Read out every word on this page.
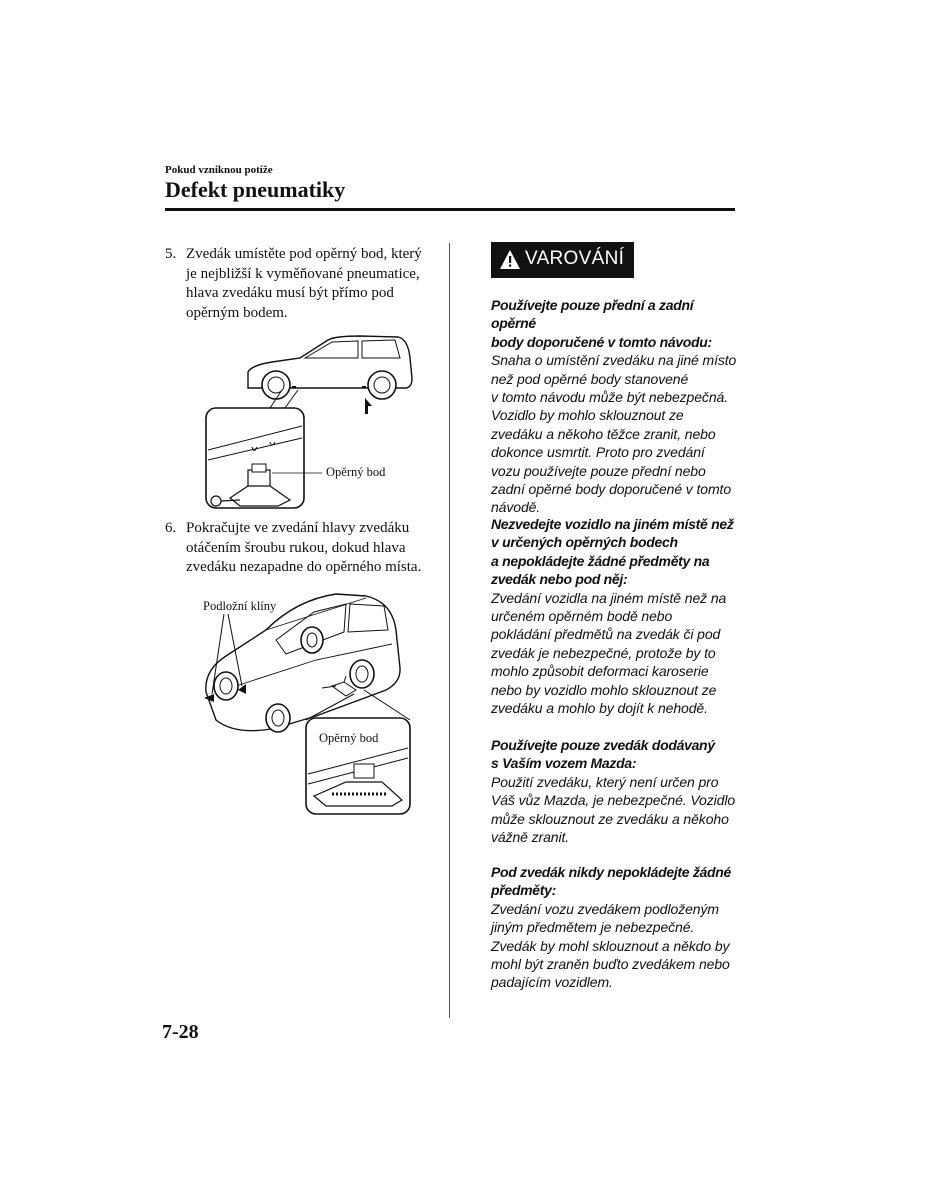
Pokud vzniknou potíže
Defekt pneumatiky
5. Zvedák umístěte pod opěrný bod, který
je nejbližší k vyměňované pneumatice,
hlava zvedáku musí být přímo pod
opěrným bodem.
Opěrný bod
6. Pokračujte ve zvedání hlavy zvedáku
otáčením šroubu rukou, dokud hlava
zvedáku nezapadne do opěrného místa.
Podložní klíny
Opěrný bod
VAROVÁNÍ
Používejte pouze přední a zadní opěrné
body doporučené v tomto návodu:
Snaha o umístění zvedáku na jiné místo
než pod opěrné body stanovené
v tomto návodu může být nebezpečná.
Vozidlo by mohlo sklouznout ze
zvedáku a někoho těžce zranit, nebo
dokonce usmrtit. Proto pro zvedání
vozu používejte pouze přední nebo
zadní opěrné body doporučené v tomto
návodě.
Nezvedejte vozidlo na jiném místě než
v určených opěrných bodech
a nepokládejte žádné předměty na
zvedák nebo pod něj:
Zvedání vozidla na jiném místě než na
určeném opěrném bodě nebo
pokládání předmětů na zvedák či pod
zvedák je nebezpečné, protože by to
mohlo způsobit deformaci karoserie
nebo by vozidlo mohlo sklouznout ze
zvedáku a mohlo by dojít k nehodě.
Používejte pouze zvedák dodávaný
s Vaším vozem Mazda:
Použití zvedáku, který není určen pro
Váš vůz Mazda, je nebezpečné. Vozidlo
může sklouznout ze zvedáku a někoho
vážně zranit.
Pod zvedák nikdy nepokládejte žádné
předměty:
Zvedání vozu zvedákem podloženým
jiným předmětem je nebezpečné.
Zvedák by mohl sklouznout a někdo by
mohl být zraněn buďto zvedákem nebo
padajícím vozidlem.
7-28
